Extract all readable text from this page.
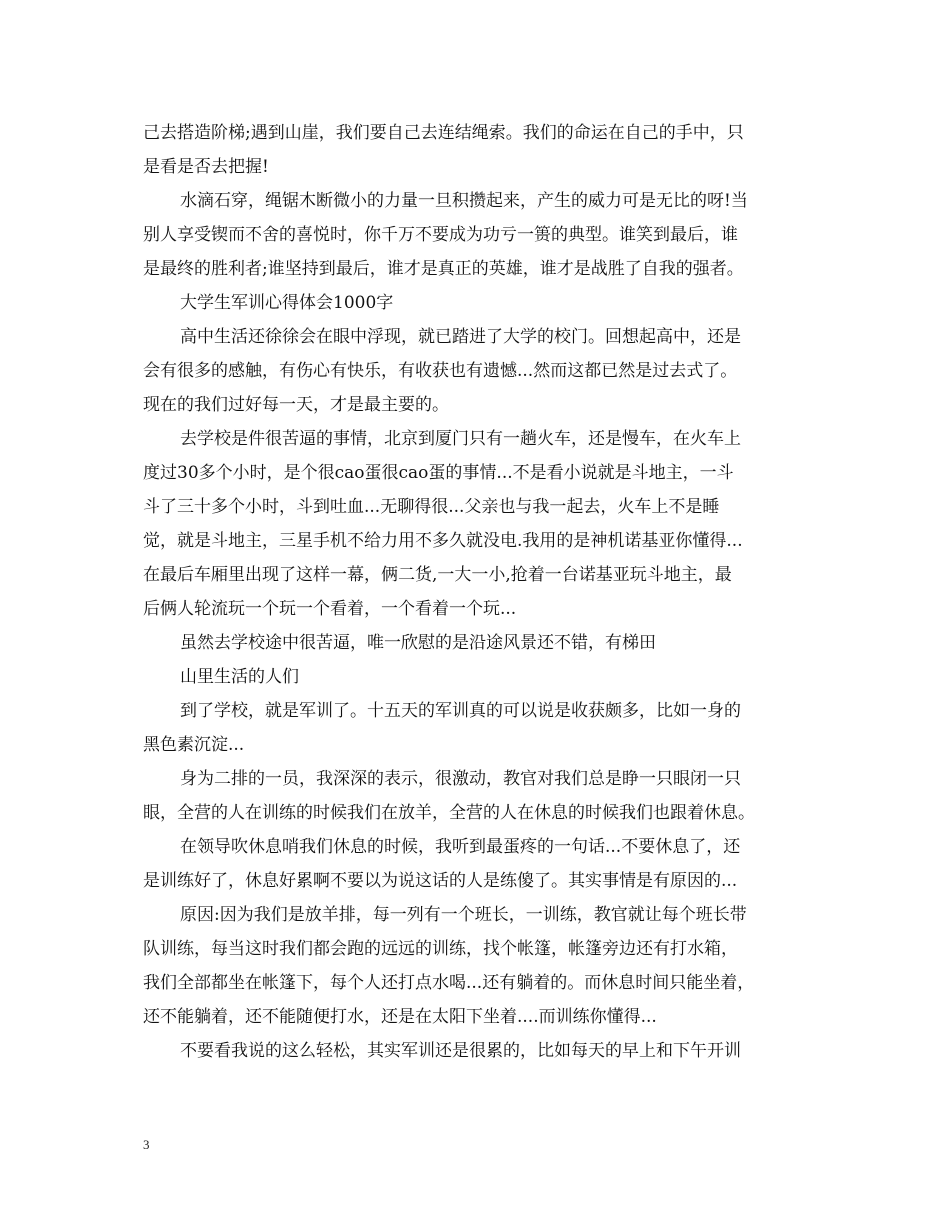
己去搭造阶梯;遇到山崖，我们要自己去连结绳索。我们的命运在自己的手中，只
是看是否去把握!
水滴石穿，绳锯木断微小的力量一旦积攒起来，产生的威力可是无比的呀!当
别人享受锲而不舍的喜悦时，你千万不要成为功亏一篑的典型。谁笑到最后，谁
是最终的胜利者;谁坚持到最后，谁才是真正的英雄，谁才是战胜了自我的强者。
大学生军训心得体会1000字
高中生活还徐徐会在眼中浮现，就已踏进了大学的校门。回想起高中，还是
会有很多的感触，有伤心有快乐，有收获也有遗憾...然而这都已然是过去式了。
现在的我们过好每一天，才是最主要的。
去学校是件很苦逼的事情，北京到厦门只有一趟火车，还是慢车，在火车上
度过30多个小时，是个很cao蛋很cao蛋的事情...不是看小说就是斗地主，一斗
斗了三十多个小时，斗到吐血...无聊得很...父亲也与我一起去，火车上不是睡
觉，就是斗地主，三星手机不给力用不多久就没电.我用的是神机诺基亚你懂得...
在最后车厢里出现了这样一幕，俩二货,一大一小,抢着一台诺基亚玩斗地主，最
后俩人轮流玩一个玩一个看着，一个看着一个玩...
虽然去学校途中很苦逼，唯一欣慰的是沿途风景还不错，有梯田
山里生活的人们
到了学校，就是军训了。十五天的军训真的可以说是收获颇多，比如一身的
黑色素沉淀...
身为二排的一员，我深深的表示，很激动，教官对我们总是睁一只眼闭一只
眼，全营的人在训练的时候我们在放羊，全营的人在休息的时候我们也跟着休息。
在领导吹休息哨我们休息的时候，我听到最蛋疼的一句话...不要休息了，还
是训练好了，休息好累啊不要以为说这话的人是练傻了。其实事情是有原因的...
原因:因为我们是放羊排，每一列有一个班长，一训练，教官就让每个班长带
队训练，每当这时我们都会跑的远远的训练，找个帐篷，帐篷旁边还有打水箱，
我们全部都坐在帐篷下，每个人还打点水喝...还有躺着的。而休息时间只能坐着，
还不能躺着，还不能随便打水，还是在太阳下坐着....而训练你懂得...
不要看我说的这么轻松，其实军训还是很累的，比如每天的早上和下午开训
3
